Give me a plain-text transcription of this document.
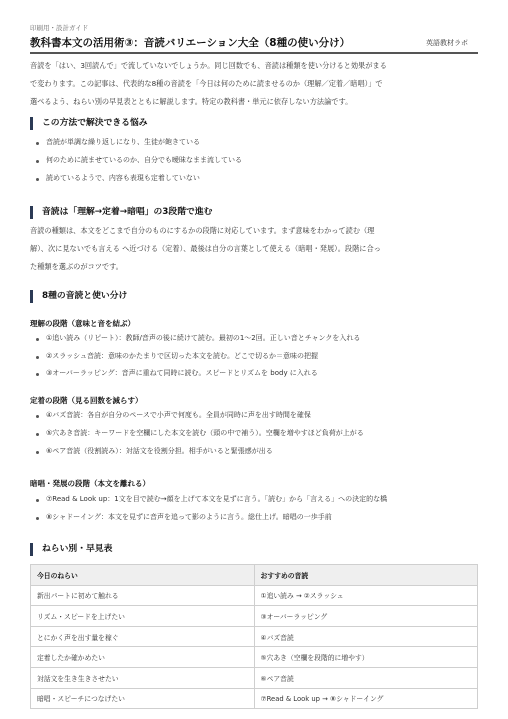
印刷用・設計ガイド
教科書本文の活用術③：音読バリエーション大全（8種の使い分け）	英語教材ラボ
音読を「はい、3回読んで」で流していないでしょうか。同じ回数でも、音読は種類を使い分けると効果がまる
で変わります。この記事は、代表的な8種の音読を「今日は何のために読ませるのか（理解／定着／暗唱）」で
選べるよう、ねらい別の早見表とともに解説します。特定の教科書・単元に依存しない方法論です。
この方法で解決できる悩み
音読が単調な繰り返しになり、生徒が飽きている
何のために読ませているのか、自分でも曖昧なまま流している
読めているようで、内容も表現も定着していない
音読は「理解→定着→暗唱」の3段階で進む
音読の種類は、本文をどこまで自分のものにするかの段階に対応しています。まず意味をわかって読む（理
解）、次に見ないでも言える へ近づける（定着）、最後は自分の言葉として使える（暗唱・発展）。段階に合っ
た種類を選ぶのがコツです。
8種の音読と使い分け
理解の段階（意味と音を結ぶ）
①追い読み（リピート）：教師/音声の後に続けて読む。最初の1〜2回。正しい音とチャンクを入れる
②スラッシュ音読：意味のかたまりで区切った本文を読む。どこで切るか＝意味の把握
③オーバーラッピング：音声に重ねて同時に読む。スピードとリズムを body に入れる
定着の段階（見る回数を減らす）
④バズ音読：各自が自分のペースで小声で何度も。全員が同時に声を出す時間を確保
⑤穴あき音読：キーワードを空欄にした本文を読む（頭の中で補う）。空欄を増やすほど負荷が上がる
⑥ペア音読（役割読み）：対話文を役割分担。相手がいると緊張感が出る
暗唱・発展の段階（本文を離れる）
⑦Read & Look up：1文を目で読む→顔を上げて本文を見ずに言う。「読む」から「言える」への決定的な橋
⑧シャドーイング：本文を見ずに音声を追って影のように言う。総仕上げ。暗唱の一歩手前
ねらい別・早見表
今日のねらい	おすすめの音読
新出パートに初めて触れる	①追い読み → ②スラッシュ
リズム・スピードを上げたい	③オーバーラッピング
とにかく声を出す量を稼ぐ	④バズ音読
定着したか確かめたい	⑤穴あき（空欄を段階的に増やす）
対話文を生き生きさせたい	⑥ペア音読
暗唱・スピーチにつなげたい	⑦Read & Look up → ⑧シャドーイング
